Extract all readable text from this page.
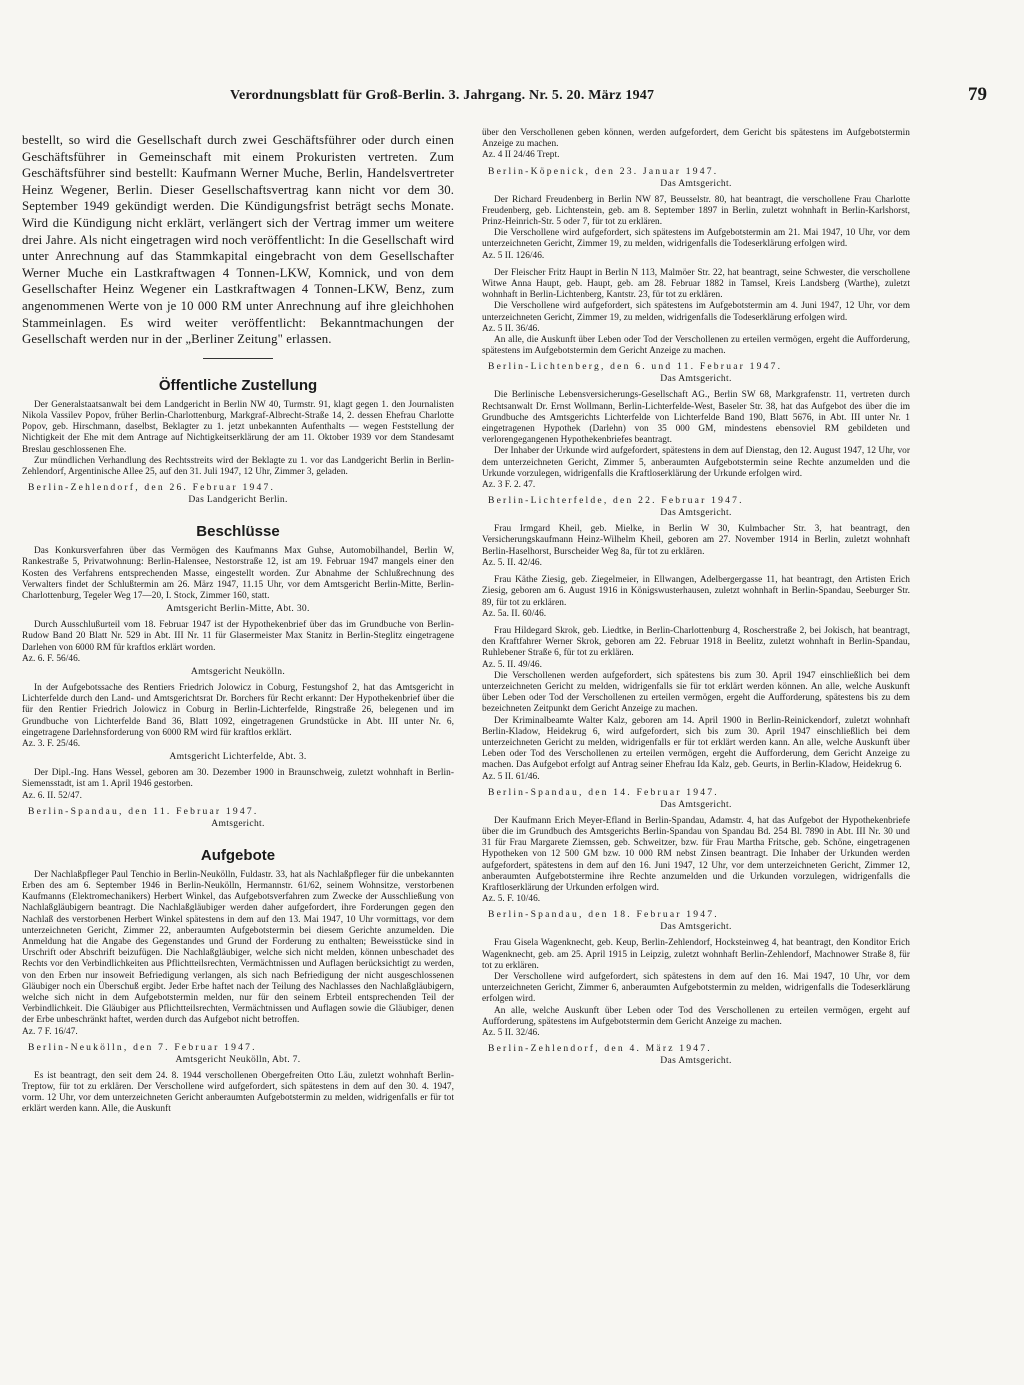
Verordnungsblatt für Groß-Berlin. 3. Jahrgang. Nr. 5. 20. März 1947	79

bestellt, so wird die Gesellschaft durch zwei Geschäftsführer oder durch einen Geschäftsführer in Gemeinschaft mit einem Prokuristen vertreten. Zum Geschäftsführer sind bestellt: Kaufmann Werner Muche, Berlin, Handelsvertreter Heinz Wegener, Berlin. Dieser Gesellschaftsvertrag kann nicht vor dem 30. September 1949 gekündigt werden. Die Kündigungsfrist beträgt sechs Monate. Wird die Kündigung nicht erklärt, verlängert sich der Vertrag immer um weitere drei Jahre. Als nicht eingetragen wird noch veröffentlicht: In die Gesellschaft wird unter Anrechnung auf das Stammkapital eingebracht von dem Gesellschafter Werner Muche ein Lastkraftwagen 4 Tonnen-LKW, Komnick, und von dem Gesellschafter Heinz Wegener ein Lastkraftwagen 4 Tonnen-LKW, Benz, zum angenommenen Werte von je 10 000 RM unter Anrechnung auf ihre gleichhohen Stammeinlagen. Es wird weiter veröffentlicht: Bekanntmachungen der Gesellschaft werden nur in der „Berliner Zeitung" erlassen.

Öffentliche Zustellung

Der Generalstaatsanwalt bei dem Landgericht in Berlin NW 40, Turmstr. 91, klagt gegen 1. den Journalisten Nikola Vassilev Popov, früher Berlin-Charlottenburg, Markgraf-Albrecht-Straße 14, 2. dessen Ehefrau Charlotte Popov, geb. Hirschmann, daselbst, Beklagter zu 1. jetzt unbekannten Aufenthalts — wegen Feststellung der Nichtigkeit der Ehe mit dem Antrage auf Nichtigkeitserklärung der am 11. Oktober 1939 vor dem Standesamt Breslau geschlossenen Ehe.

Zur mündlichen Verhandlung des Rechtsstreits wird der Beklagte zu 1. vor das Landgericht Berlin in Berlin-Zehlendorf, Argentinische Allee 25, auf den 31. Juli 1947, 12 Uhr, Zimmer 3, geladen.

Berlin-Zehlendorf, den 26. Februar 1947.
Das Landgericht Berlin.
Beschlüsse

Das Konkursverfahren über das Vermögen des Kaufmanns Max Guhse, Automobilhandel, Berlin W, Rankestraße 5, Privatwohnung: Berlin-Halensee, Nestorstraße 12, ist am 19. Februar 1947 mangels einer den Kosten des Verfahrens entsprechenden Masse, eingestellt worden. Zur Abnahme der Schlußrechnung des Verwalters findet der Schlußtermin am 26. März 1947, 11.15 Uhr, vor dem Amtsgericht Berlin-Mitte, Berlin-Charlottenburg, Tegeler Weg 17—20, I. Stock, Zimmer 160, statt.

Amtsgericht Berlin-Mitte, Abt. 30.

Durch Ausschlußurteil vom 18. Februar 1947 ist der Hypothekenbrief über das im Grundbuche von Berlin-Rudow Band 20 Blatt Nr. 529 in Abt. III Nr. 11 für Glasermeister Max Stanitz in Berlin-Steglitz eingetragene Darlehen von 6000 RM für kraftlos erklärt worden.

Az. 6. F. 56/46.

Amtsgericht Neukölln.

In der Aufgebotssache des Rentiers Friedrich Jolowicz in Coburg, Festungshof 2, hat das Amtsgericht in Lichterfelde durch den Land- und Amtsgerichtsrat Dr. Borchers für Recht erkannt: Der Hypothekenbrief über die für den Rentier Friedrich Jolowicz in Coburg in Berlin-Lichterfelde, Ringstraße 26, belegenen und im Grundbuche von Lichterfelde Band 36, Blatt 1092, eingetragenen Grundstücke in Abt. III unter Nr. 6, eingetragene Darlehnsforderung von 6000 RM wird für kraftlos erklärt.

Az. 3. F. 25/46.

Amtsgericht Lichterfelde, Abt. 3.

Der Dipl.-Ing. Hans Wessel, geboren am 30. Dezember 1900 in Braunschweig, zuletzt wohnhaft in Berlin-Siemensstadt, ist am 1. April 1946 gestorben.

Az. 6. II. 52/47.

Berlin-Spandau, den 11. Februar 1947.
Amtsgericht.
Aufgebote

Der Nachlaßpfleger Paul Tenchio in Berlin-Neukölln, Fuldastr. 33, hat als Nachlaßpfleger für die unbekannten Erben des am 6. September 1946 in Berlin-Neukölln, Hermannstr. 61/62, seinem Wohnsitze, verstorbenen Kaufmanns (Elektromechanikers) Herbert Winkel, das Aufgebotsverfahren zum Zwecke der Ausschließung von Nachlaßgläubigern beantragt. Die Nachlaßgläubiger werden daher aufgefordert, ihre Forderungen gegen den Nachlaß des verstorbenen Herbert Winkel spätestens in dem auf den 13. Mai 1947, 10 Uhr vormittags, vor dem unterzeichneten Gericht, Zimmer 22, anberaumten Aufgebotstermin bei diesem Gerichte anzumelden. Die Anmeldung hat die Angabe des Gegenstandes und Grund der Forderung zu enthalten; Beweisstücke sind in Urschrift oder Abschrift beizufügen. Die Nachlaßgläubiger, welche sich nicht melden, können unbeschadet des Rechts vor den Verbindlichkeiten aus Pflichtteilsrechten, Vermächtnissen und Auflagen berücksichtigt zu werden, von den Erben nur insoweit Befriedigung verlangen, als sich nach Befriedigung der nicht ausgeschlossenen Gläubiger noch ein Überschuß ergibt. Jeder Erbe haftet nach der Teilung des Nachlasses den Nachlaßgläubigern, welche sich nicht in dem Aufgebotstermin melden, nur für den seinem Erbteil entsprechenden Teil der Verbindlichkeit. Die Gläubiger aus Pflichtteilsrechten, Vermächtnissen und Auflagen sowie die Gläubiger, denen der Erbe unbeschränkt haftet, werden durch das Aufgebot nicht betroffen.

Az. 7 F. 16/47.

Berlin-Neukölln, den 7. Februar 1947.
Amtsgericht Neukölln, Abt. 7.

Es ist beantragt, den seit dem 24. 8. 1944 verschollenen Obergefreiten Otto Läu, zuletzt wohnhaft Berlin-Treptow, für tot zu erklären. Der Verschollene wird aufgefordert, sich spätestens in dem auf den 30. 4. 1947, vorm. 12 Uhr, vor dem unterzeichneten Gericht anberaumten Aufgebotstermin zu melden, widrigenfalls er für tot erklärt werden kann. Alle, die Auskunft

über den Verschollenen geben können, werden aufgefordert, dem Gericht bis spätestens im Aufgebotstermin Anzeige zu machen.

Az. 4 II 24/46 Trept.

Berlin-Köpenick, den 23. Januar 1947.
Das Amtsgericht.

Der Richard Freudenberg in Berlin NW 87, Beusselstr. 80, hat beantragt, die verschollene Frau Charlotte Freudenberg, geb. Lichtenstein, geb. am 8. September 1897 in Berlin, zuletzt wohnhaft in Berlin-Karlshorst, Prinz-Heinrich-Str. 5 oder 7, für tot zu erklären.

Die Verschollene wird aufgefordert, sich spätestens im Aufgebotstermin am 21. Mai 1947, 10 Uhr, vor dem unterzeichneten Gericht, Zimmer 19, zu melden, widrigenfalls die Todeserklärung erfolgen wird.

Az. 5 II. 126/46.

Der Fleischer Fritz Haupt in Berlin N 113, Malmöer Str. 22, hat beantragt, seine Schwester, die verschollene Witwe Anna Haupt, geb. Haupt, geb. am 28. Februar 1882 in Tamsel, Kreis Landsberg (Warthe), zuletzt wohnhaft in Berlin-Lichtenberg, Kantstr. 23, für tot zu erklären.

Die Verschollene wird aufgefordert, sich spätestens im Aufgebotstermin am 4. Juni 1947, 12 Uhr, vor dem unterzeichneten Gericht, Zimmer 19, zu melden, widrigenfalls die Todeserklärung erfolgen wird.

Az. 5 II. 36/46.

An alle, die Auskunft über Leben oder Tod der Verschollenen zu erteilen vermögen, ergeht die Aufforderung, spätestens im Aufgebotstermin dem Gericht Anzeige zu machen.

Berlin-Lichtenberg, den 6. und 11. Februar 1947.
Das Amtsgericht.

Die Berlinische Lebensversicherungs-Gesellschaft AG., Berlin SW 68, Markgrafenstr. 11, vertreten durch Rechtsanwalt Dr. Ernst Wollmann, Berlin-Lichterfelde-West, Baseler Str. 38, hat das Aufgebot des über die im Grundbuche des Amtsgerichts Lichterfelde von Lichterfelde Band 190, Blatt 5676, in Abt. III unter Nr. 1 eingetragenen Hypothek (Darlehn) von 35 000 GM, mindestens ebensoviel RM gebildeten und verlorengegangenen Hypothekenbriefes beantragt.

Der Inhaber der Urkunde wird aufgefordert, spätestens in dem auf Dienstag, den 12. August 1947, 12 Uhr, vor dem unterzeichneten Gericht, Zimmer 5, anberaumten Aufgebotstermin seine Rechte anzumelden und die Urkunde vorzulegen, widrigenfalls die Kraftloserklärung der Urkunde erfolgen wird.

Az. 3 F. 2. 47.

Berlin-Lichterfelde, den 22. Februar 1947.
Das Amtsgericht.

Frau Irmgard Kheil, geb. Mielke, in Berlin W 30, Kulmbacher Str. 3, hat beantragt, den Versicherungskaufmann Heinz-Wilhelm Kheil, geboren am 27. November 1914 in Berlin, zuletzt wohnhaft Berlin-Haselhorst, Burscheider Weg 8a, für tot zu erklären.

Az. 5. II. 42/46.

Frau Käthe Ziesig, geb. Ziegelmeier, in Ellwangen, Adelbergergasse 11, hat beantragt, den Artisten Erich Ziesig, geboren am 6. August 1916 in Königswusterhausen, zuletzt wohnhaft in Berlin-Spandau, Seeburger Str. 89, für tot zu erklären.

Az. 5a. II. 60/46.

Frau Hildegard Skrok, geb. Liedtke, in Berlin-Charlottenburg 4, Roscherstraße 2, bei Jokisch, hat beantragt, den Kraftfahrer Werner Skrok, geboren am 22. Februar 1918 in Beelitz, zuletzt wohnhaft in Berlin-Spandau, Ruhlebener Straße 6, für tot zu erklären.

Az. 5. II. 49/46.

Die Verschollenen werden aufgefordert, sich spätestens bis zum 30. April 1947 einschließlich bei dem unterzeichneten Gericht zu melden, widrigenfalls sie für tot erklärt werden können. An alle, welche Auskunft über Leben oder Tod der Verschollenen zu erteilen vermögen, ergeht die Aufforderung, spätestens bis zu dem bezeichneten Zeitpunkt dem Gericht Anzeige zu machen.

Der Kriminalbeamte Walter Kalz, geboren am 14. April 1900 in Berlin-Reinickendorf, zuletzt wohnhaft Berlin-Kladow, Heidekrug 6, wird aufgefordert, sich bis zum 30. April 1947 einschließlich bei dem unterzeichneten Gericht zu melden, widrigenfalls er für tot erklärt werden kann. An alle, welche Auskunft über Leben oder Tod des Verschollenen zu erteilen vermögen, ergeht die Aufforderung, dem Gericht Anzeige zu machen. Das Aufgebot erfolgt auf Antrag seiner Ehefrau Ida Kalz, geb. Geurts, in Berlin-Kladow, Heidekrug 6.

Az. 5 II. 61/46.

Berlin-Spandau, den 14. Februar 1947.
Das Amtsgericht.

Der Kaufmann Erich Meyer-Efland in Berlin-Spandau, Adamstr. 4, hat das Aufgebot der Hypothekenbriefe über die im Grundbuch des Amtsgerichts Berlin-Spandau von Spandau Bd. 254 Bl. 7890 in Abt. III Nr. 30 und 31 für Frau Margarete Ziemssen, geb. Schweitzer, bzw. für Frau Martha Fritsche, geb. Schöne, eingetragenen Hypotheken von 12 500 GM bzw. 10 000 RM nebst Zinsen beantragt. Die Inhaber der Urkunden werden aufgefordert, spätestens in dem auf den 16. Juni 1947, 12 Uhr, vor dem unterzeichneten Gericht, Zimmer 12, anberaumten Aufgebotstermine ihre Rechte anzumelden und die Urkunden vorzulegen, widrigenfalls die Kraftloserklärung der Urkunden erfolgen wird.

Az. 5. F. 10/46.

Berlin-Spandau, den 18. Februar 1947.
Das Amtsgericht.

Frau Gisela Wagenknecht, geb. Keup, Berlin-Zehlendorf, Hocksteinweg 4, hat beantragt, den Konditor Erich Wagenknecht, geb. am 25. April 1915 in Leipzig, zuletzt wohnhaft Berlin-Zehlendorf, Machnower Straße 8, für tot zu erklären.

Der Verschollene wird aufgefordert, sich spätestens in dem auf den 16. Mai 1947, 10 Uhr, vor dem unterzeichneten Gericht, Zimmer 6, anberaumten Aufgebotstermin zu melden, widrigenfalls die Todeserklärung erfolgen wird.

An alle, welche Auskunft über Leben oder Tod des Verschollenen zu erteilen vermögen, ergeht auf Aufforderung, spätestens im Aufgebotstermin dem Gericht Anzeige zu machen.

Az. 5 II. 32/46.

Berlin-Zehlendorf, den 4. März 1947.
Das Amtsgericht.
